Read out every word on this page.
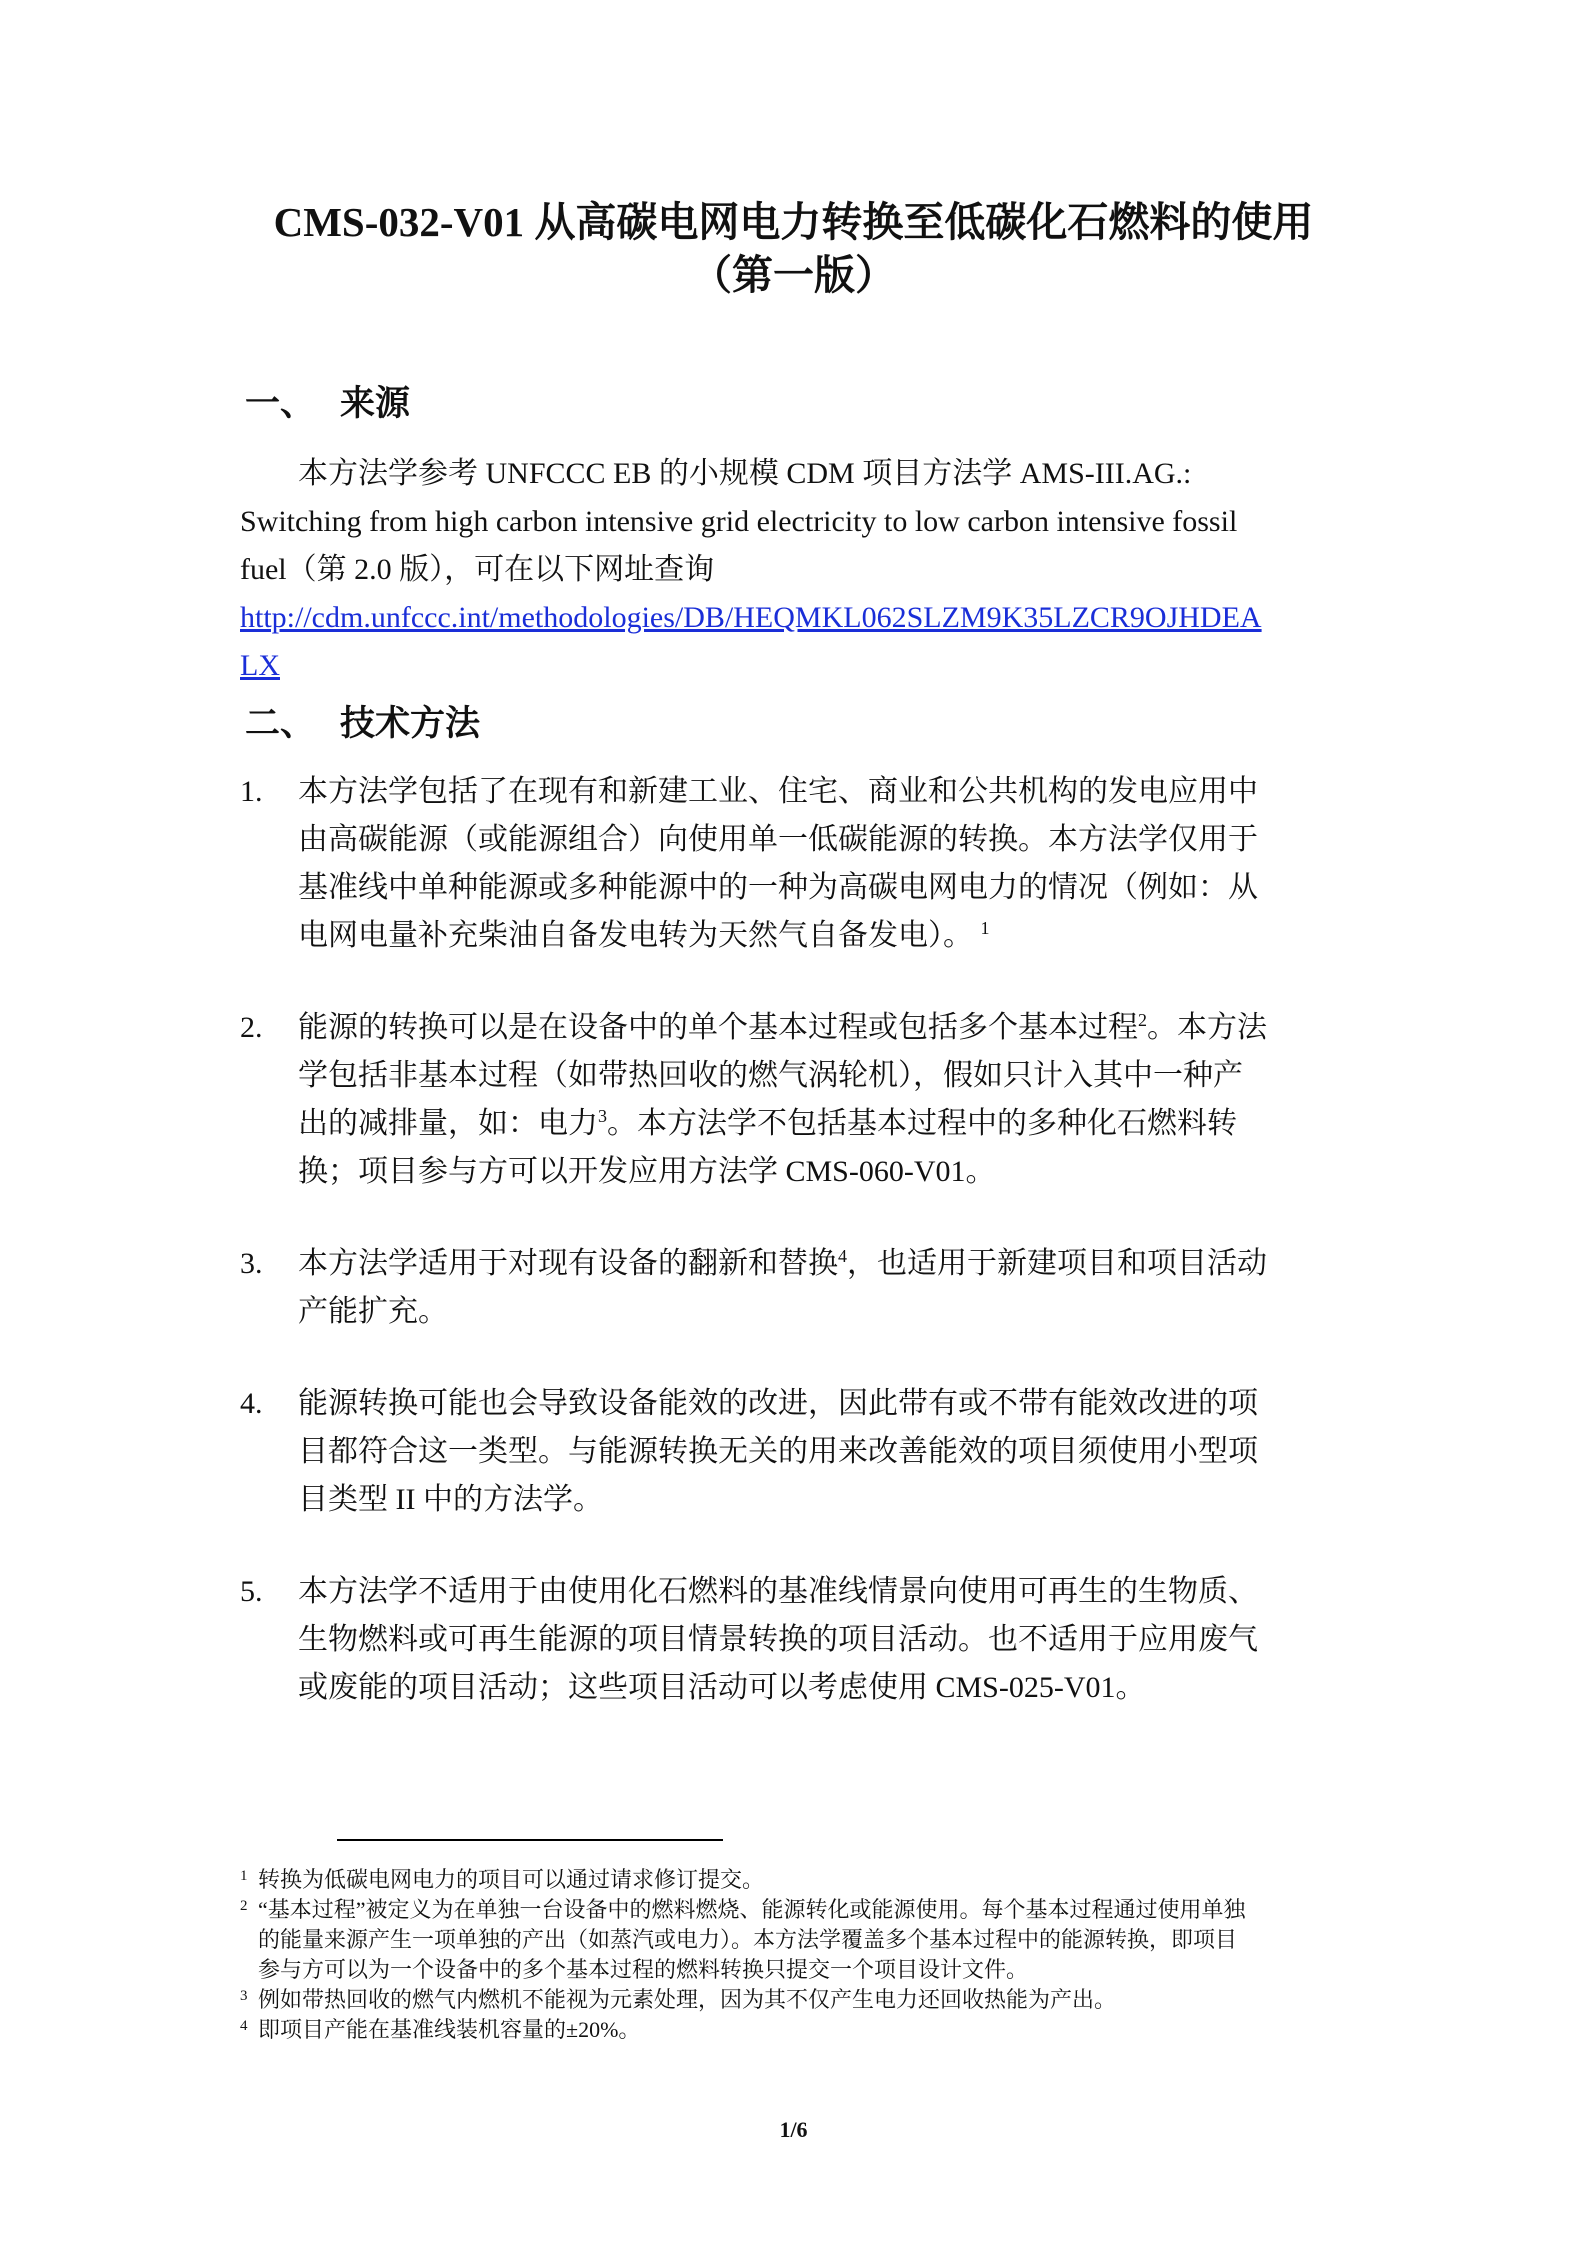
CMS-032-V01 从高碳电网电力转换至低碳化石燃料的使用
（第一版）
一、 来源
本方法学参考 UNFCCC EB 的小规模 CDM 项目方法学 AMS-III.AG.:
Switching from high carbon intensive grid electricity to low carbon intensive fossil
fuel（第 2.0 版），可在以下网址查询
http://cdm.unfccc.int/methodologies/DB/HEQMKL062SLZM9K35LZCR9OJHDEA
LX
二、 技术方法
1. 本方法学包括了在现有和新建工业、住宅、商业和公共机构的发电应用中
由高碳能源（或能源组合）向使用单一低碳能源的转换。本方法学仅用于
基准线中单种能源或多种能源中的一种为高碳电网电力的情况（例如：从
电网电量补充柴油自备发电转为天然气自备发电）。 $^1$
2. 能源的转换可以是在设备中的单个基本过程或包括多个基本过程$^2$。本方法
学包括非基本过程（如带热回收的燃气涡轮机），假如只计入其中一种产
出的减排量，如：电力$^3$。本方法学不包括基本过程中的多种化石燃料转
换；项目参与方可以开发应用方法学 CMS-060-V01。
3. 本方法学适用于对现有设备的翻新和替换$^4$，也适用于新建项目和项目活动
产能扩充。
4. 能源转换可能也会导致设备能效的改进，因此带有或不带有能效改进的项
目都符合这一类型。与能源转换无关的用来改善能效的项目须使用小型项
目类型 II 中的方法学。
5. 本方法学不适用于由使用化石燃料的基准线情景向使用可再生的生物质、
生物燃料或可再生能源的项目情景转换的项目活动。也不适用于应用废气
或废能的项目活动；这些项目活动可以考虑使用 CMS-025-V01。
1 转换为低碳电网电力的项目可以通过请求修订提交。
2 “基本过程”被定义为在单独一台设备中的燃料燃烧、能源转化或能源使用。每个基本过程通过使用单独
的能量来源产生一项单独的产出（如蒸汽或电力）。本方法学覆盖多个基本过程中的能源转换，即项目
参与方可以为一个设备中的多个基本过程的燃料转换只提交一个项目设计文件。
3 例如带热回收的燃气内燃机不能视为元素处理，因为其不仅产生电力还回收热能为产出。
4 即项目产能在基准线装机容量的±20%。
1/6
